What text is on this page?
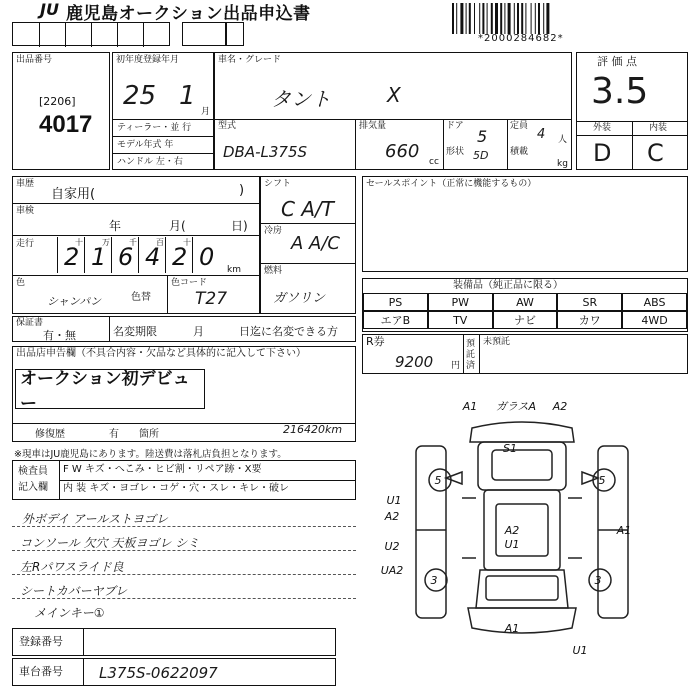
JU 鹿児島オークション出品申込書
*2000284682*
出品番号
[2206]
4017
初年度登録年月
25 1
月
ティーラー・並 行
モデル年式 年
ハンドル 左・右
車名・グレード
タント	X
型式
DBA-L375S
排気量
660 cc
ドア
5
形状 5D
定員
4 人
積載
kg
評 価 点
3.5
外装	内装
D C
車歴
自家用(	)
車検
年	月(	日)
走行	十
2
万
1
千
6
百
4
十
2 0 km
色
シャンパン	色替
色コード
T27
シフト
C A/T
冷房
A A/C
燃料
ガソリン
セールスポイント（正常に機能するもの）
装備品（純正品に限る）
PS	PW	AW	SR	ABS
エアB	TV	ナビ	カワ	4WD
保証書
有・無	名変期限	月	日迄に名変できる方
R券
9200 円
預託済
未預託
出品店申告欄（不具合内容・欠品など具体的に記入して下さい）
オークション初デビュー
修復歴	有 箇所	216420km
※現車はJU鹿児島にあります。陸送費は落札店負担となります。
検査員
記入欄
F W キズ・へこみ・ヒビ割・リペア跡・X要
内 装 キズ・ヨゴレ・コゲ・穴・スレ・キレ・破レ
外ボデイ アールストヨゴレ
コンソール 欠穴 天板ヨゴレ シミ
左Rパワスライド良
シートカバーヤブレ
メインキー①
登録番号
車台番号 L375S-0622097
A1 ガラスA A2
S1
5	5
U1
A2
A1
U2
UA2
A2
U1
3	3
A1
U1
